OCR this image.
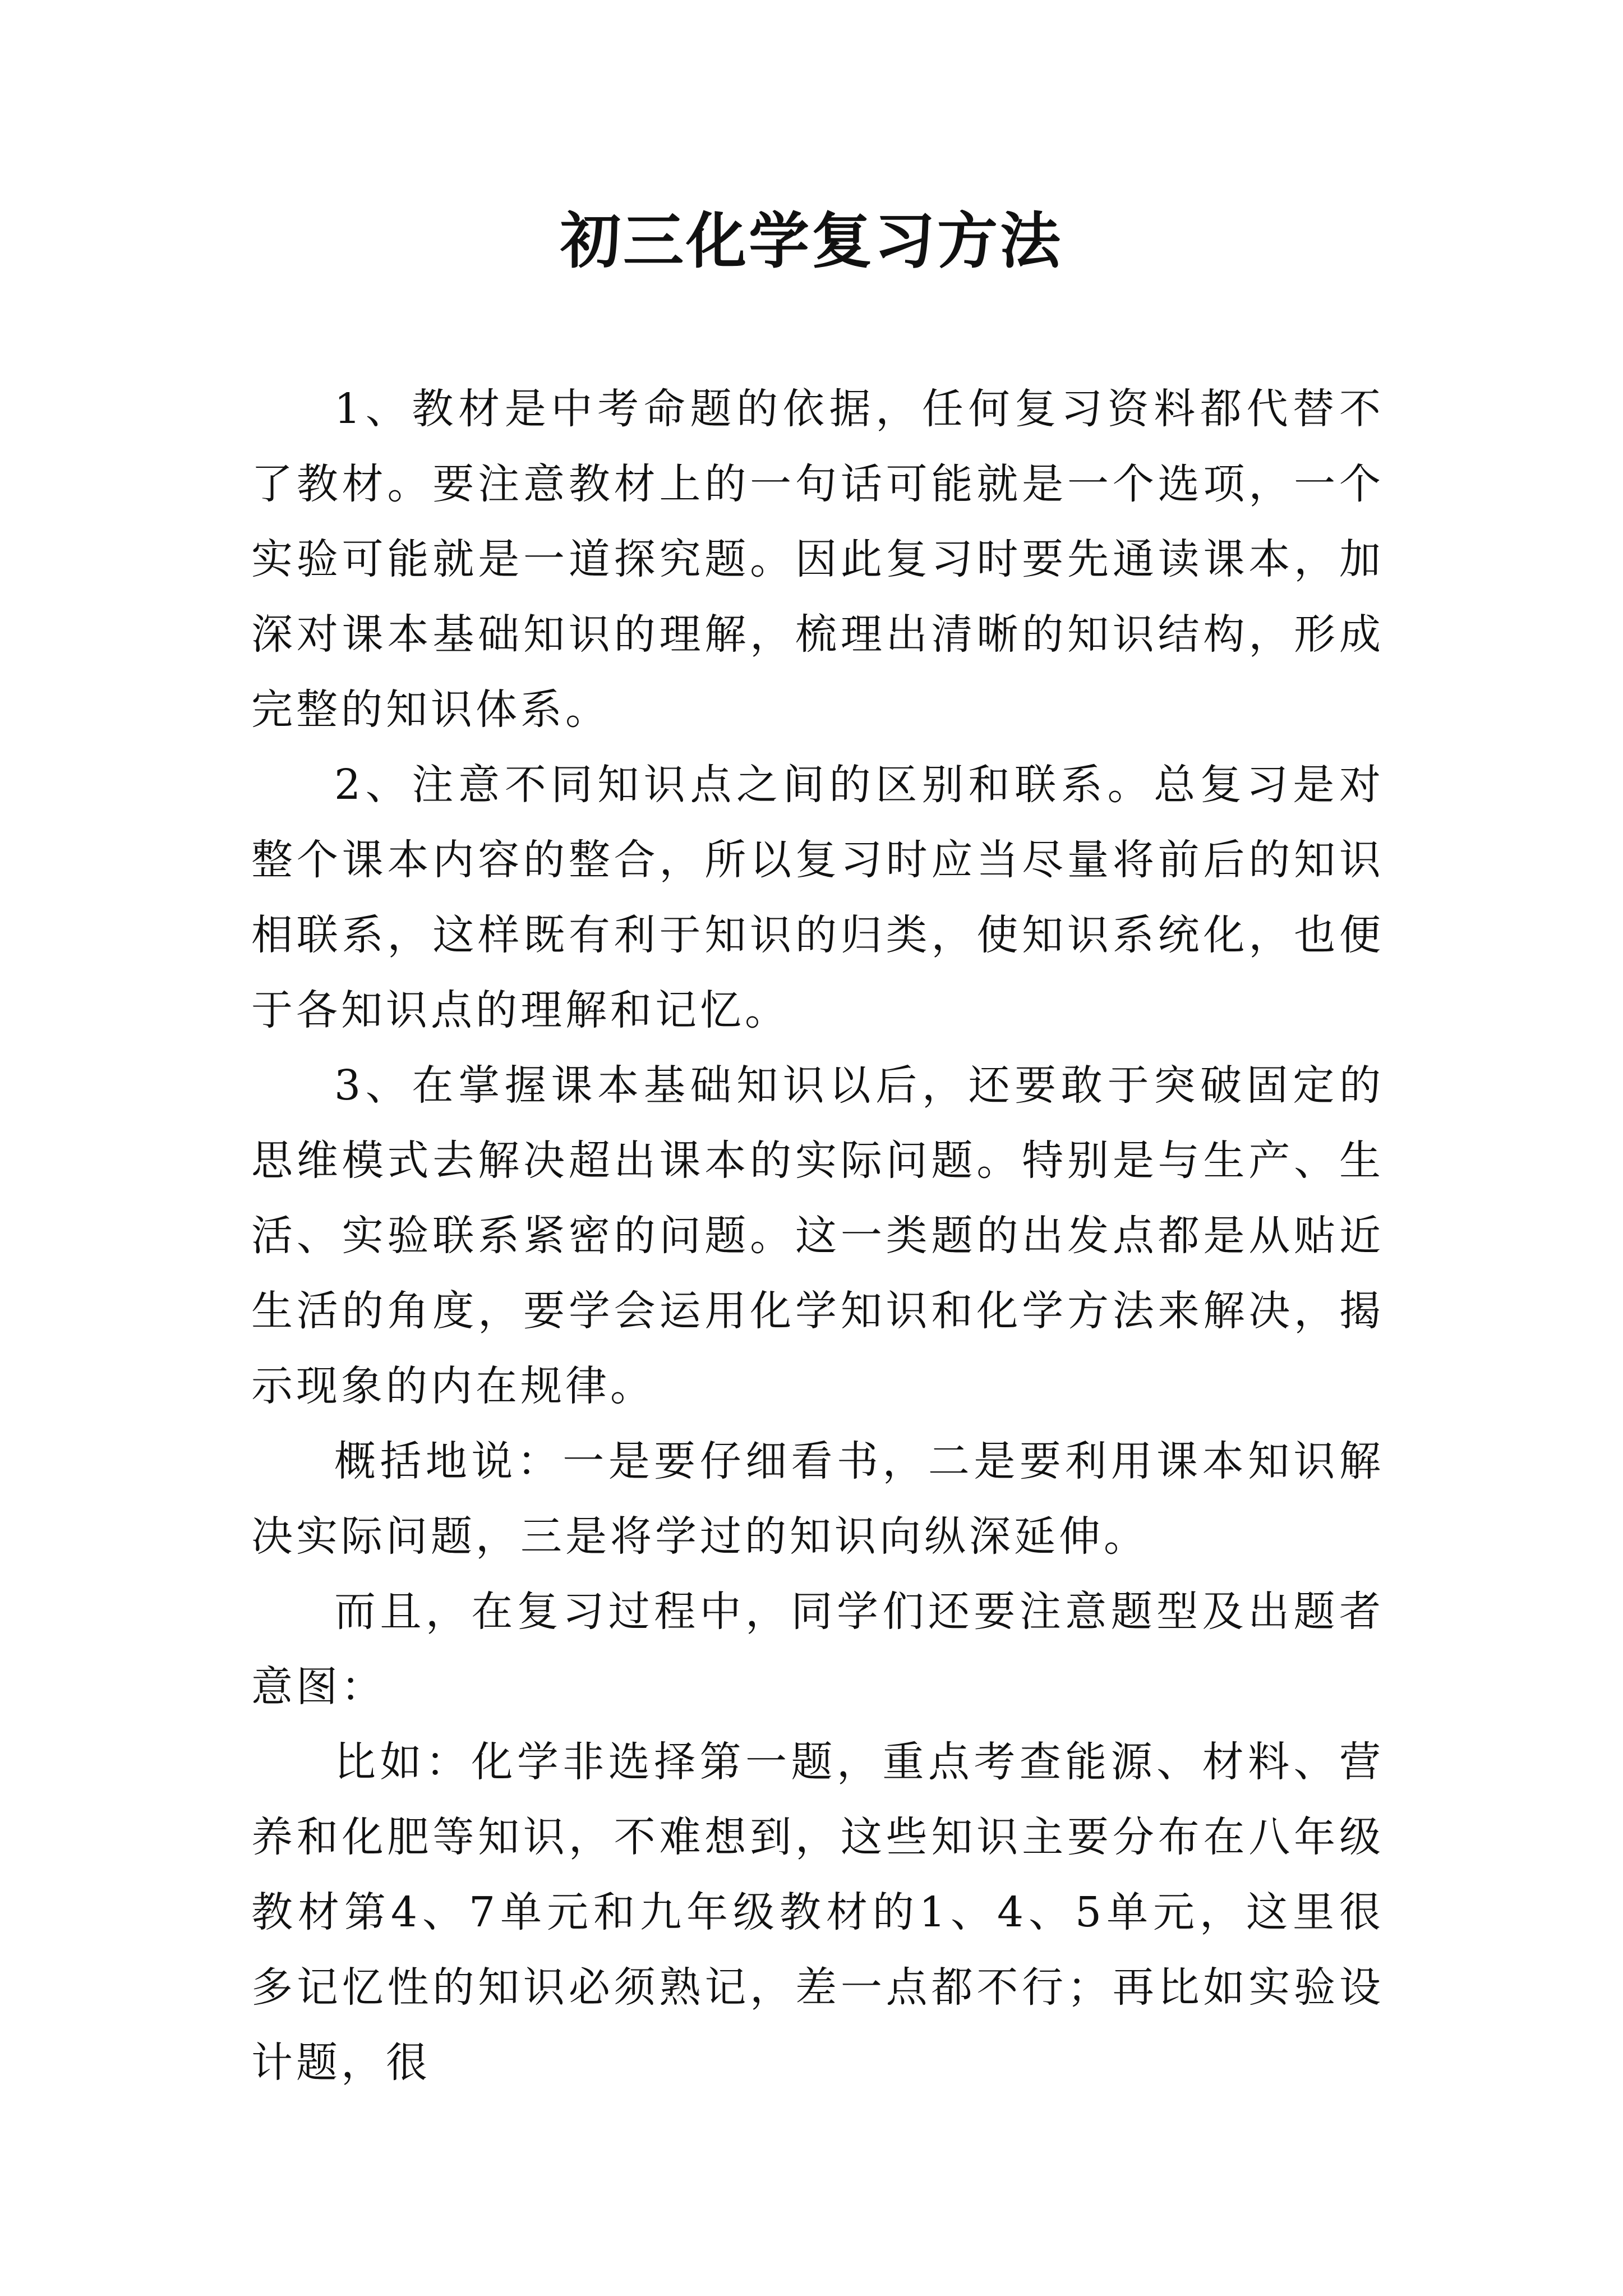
初三化学复习方法

1、教材是中考命题的依据，任何复习资料都代替不了教材。要注意教材上的一句话可能就是一个选项，一个实验可能就是一道探究题。因此复习时要先通读课本，加深对课本基础知识的理解，梳理出清晰的知识结构，形成完整的知识体系。

2、注意不同知识点之间的区别和联系。总复习是对整个课本内容的整合，所以复习时应当尽量将前后的知识相联系，这样既有利于知识的归类，使知识系统化，也便于各知识点的理解和记忆。

3、在掌握课本基础知识以后，还要敢于突破固定的思维模式去解决超出课本的实际问题。特别是与生产、生活、实验联系紧密的问题。这一类题的出发点都是从贴近生活的角度，要学会运用化学知识和化学方法来解决，揭示现象的内在规律。

概括地说：一是要仔细看书，二是要利用课本知识解决实际问题，三是将学过的知识向纵深延伸。

而且，在复习过程中，同学们还要注意题型及出题者意图：

比如：化学非选择第一题，重点考查能源、材料、营养和化肥等知识，不难想到，这些知识主要分布在八年级教材第4、7单元和九年级教材的1、4、5单元，这里很多记忆性的知识必须熟记，差一点都不行；再比如实验设计题，很
